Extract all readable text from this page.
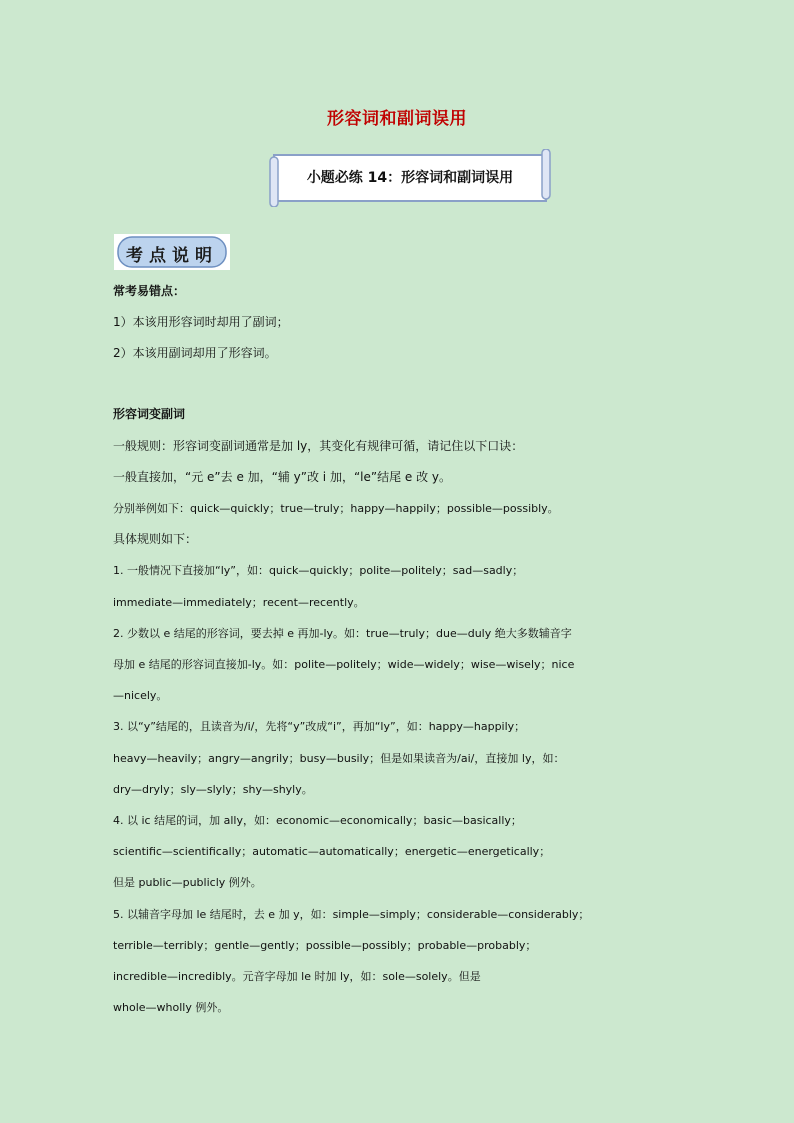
形容词和副词误用
小题必练 14：形容词和副词误用
考点说明
常考易错点：
1）本该用形容词时却用了副词；
2）本该用副词却用了形容词。
形容词变副词
一般规则：形容词变副词通常是加 ly，其变化有规律可循，请记住以下口诀：
一般直接加，“元 e”去 e 加，“辅 y”改 i 加，“le”结尾 e 改 y。
分别举例如下：quick—quickly；true—truly；happy—happily；possible—possibly。
具体规则如下：
1. 一般情况下直接加“ly”，如：quick—quickly；polite—politely；sad—sadly；
immediate—immediately；recent—recently。
2. 少数以 e 结尾的形容词，要去掉 e 再加-ly。如：true—truly；due—duly 绝大多数辅音字
母加 e 结尾的形容词直接加-ly。如：polite—politely；wide—widely；wise—wisely；nice
—nicely。
3. 以“y”结尾的，且读音为/i/，先将“y”改成“i”，再加“ly”，如：happy—happily；
heavy—heavily；angry—angrily；busy—busily；但是如果读音为/ai/，直接加 ly，如：
dry—dryly；sly—slyly；shy—shyly。
4. 以 ic 结尾的词，加 ally，如：economic—economically；basic—basically；
scientific—scientifically；automatic—automatically；energetic—energetically；
但是 public—publicly 例外。
5. 以辅音字母加 le 结尾时，去 e 加 y，如：simple—simply；considerable—considerably；
terrible—terribly；gentle—gently；possible—possibly；probable—probably；
incredible—incredibly。元音字母加 le 时加 ly，如：sole—solely。但是
whole—wholly 例外。
